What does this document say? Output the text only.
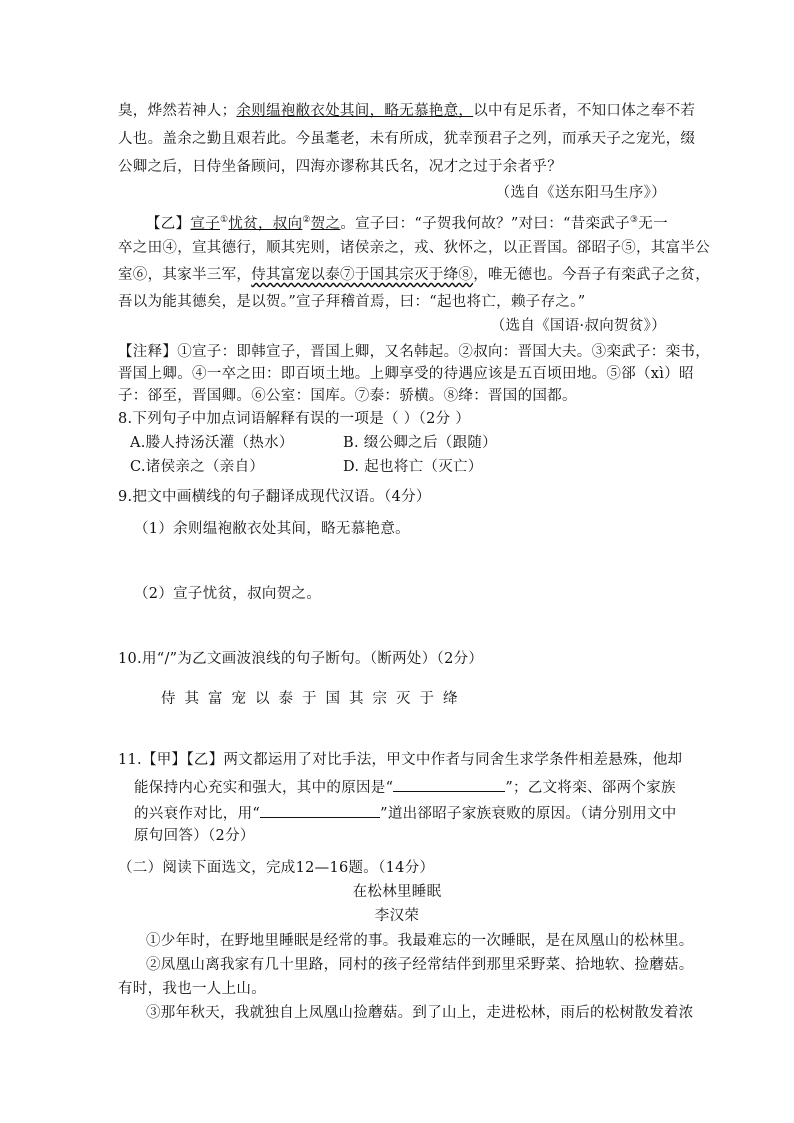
臭，烨然若神人；余则缊袍敝衣处其间，略无慕艳意，以中有足乐者，不知口体之奉不若
人也。盖余之勤且艰若此。今虽耄老，未有所成，犹幸预君子之列，而承天子之宠光，缀
公卿之后，日侍坐备顾问，四海亦谬称其氏名，况才之过于余者乎？
（选自《送东阳马生序》）
【乙】宣子①忧贫，叔向②贺之。宣子曰：“子贺我何故？”对曰：“昔栾武子③无一
卒之田④，宣其德行，顺其宪则，诸侯亲之，戎、狄怀之，以正晋国。郤昭子⑤，其富半公
室⑥，其家半三军，侍其富宠以泰⑦于国其宗灭于绛⑧，唯无德也。今吾子有栾武子之贫，
吾以为能其德矣，是以贺。”宣子拜稽首焉，曰：“起也将亡，赖子存之。”
（选自《国语·叔向贺贫》）
【注释】①宣子：即韩宣子，晋国上卿，又名韩起。②叔向：晋国大夫。③栾武子：栾书，
晋国上卿。④一卒之田：即百顷土地。上卿享受的待遇应该是五百顷田地。⑤郤（xì）昭
子：郤至，晋国卿。⑥公室：国库。⑦泰：骄横。⑧绛：晋国的国都。
8.下列句子中加点词语解释有误的一项是（ ）（2分 ）
A.媵人持汤沃灌（热水）	B. 缀公卿之后（跟随）
C.诸侯亲之（亲自）	D. 起也将亡（灭亡）
9.把文中画横线的句子翻译成现代汉语。（4分）
（1）余则缊袍敝衣处其间，略无慕艳意。
（2）宣子忧贫，叔向贺之。
10.用“/”为乙文画波浪线的句子断句。（断两处）（2分）
侍其富宠以泰于国其宗灭于绛
11.【甲】【乙】两文都运用了对比手法，甲文中作者与同舍生求学条件相差悬殊，他却
能保持内心充实和强大，其中的原因是“	”；乙文将栾、郤两个家族
的兴衰作对比，用“	”道出郤昭子家族衰败的原因。（请分别用文中
原句回答）（2分）
（二）阅读下面选文，完成12—16题。（14分）
在松林里睡眠
李汉荣
①少年时，在野地里睡眠是经常的事。我最难忘的一次睡眠，是在凤凰山的松林里。
②凤凰山离我家有几十里路，同村的孩子经常结伴到那里采野菜、拾地软、捡蘑菇。
有时，我也一人上山。
③那年秋天，我就独自上凤凰山捡蘑菇。到了山上，走进松林，雨后的松树散发着浓
